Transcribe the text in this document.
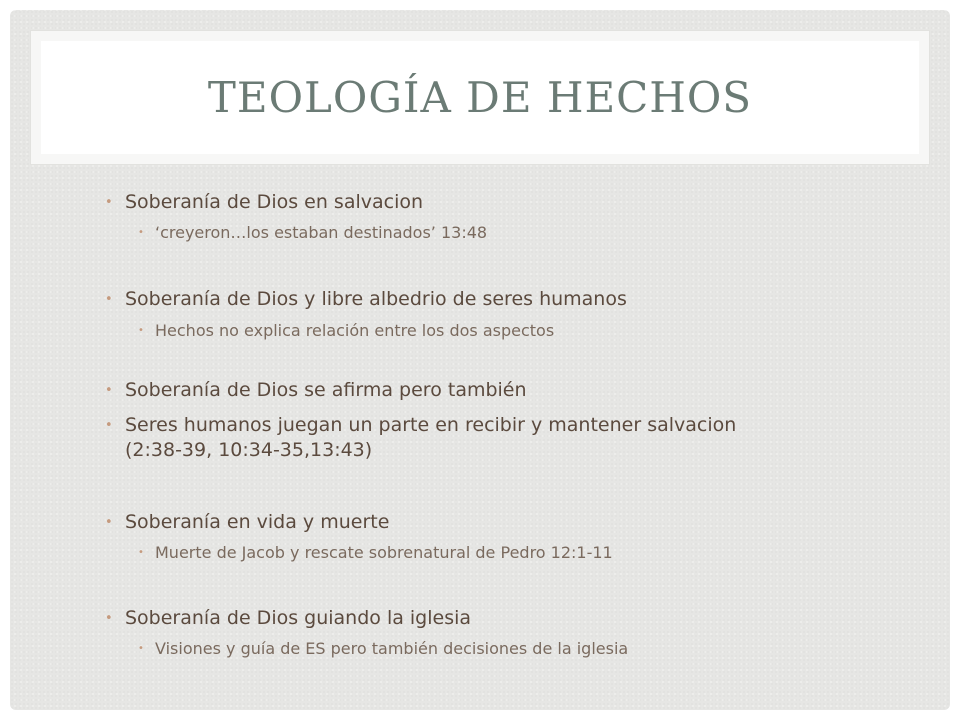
TEOLOGÍA DE HECHOS
• Soberanía de Dios en salvacion
• ‘creyeron…los estaban destinados’ 13:48
• Soberanía de Dios y libre albedrio de seres humanos
• Hechos no explica relación entre los dos aspectos
• Soberanía de Dios se afirma pero también
• Seres humanos juegan un parte en recibir y mantener salvacion (2:38-39, 10:34-35,13:43)
• Soberanía en vida y muerte
• Muerte de Jacob y rescate sobrenatural de Pedro 12:1-11
• Soberanía de Dios guiando la iglesia
• Visiones y guía de ES pero también decisiones de la iglesia
